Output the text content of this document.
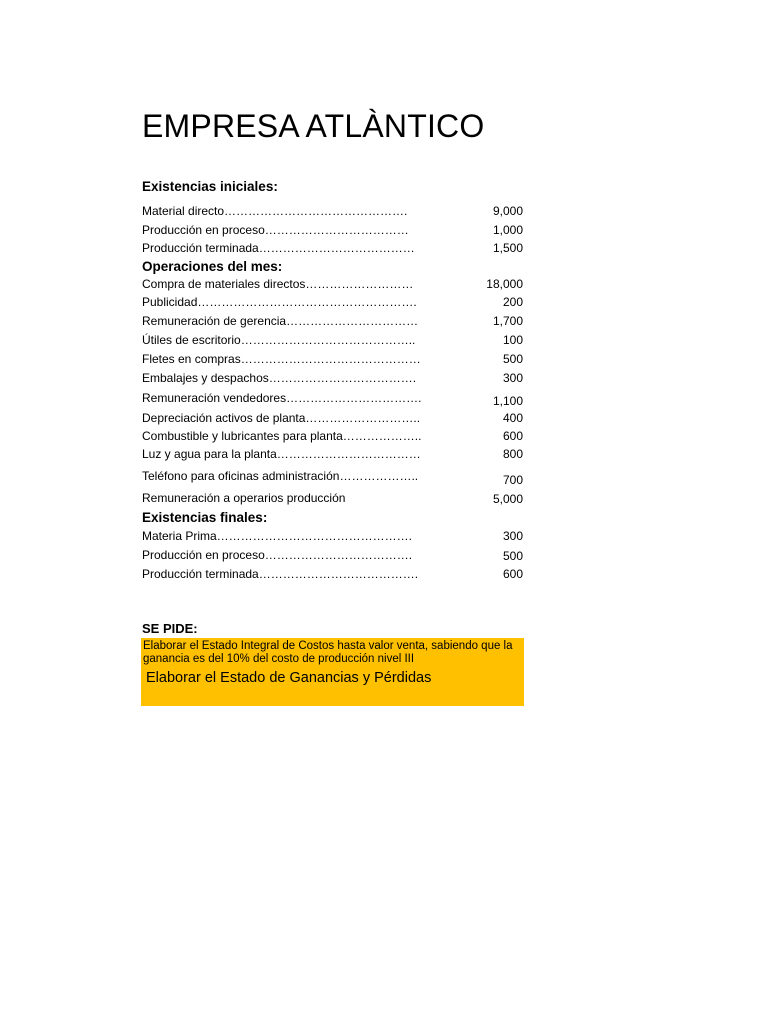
EMPRESA ATLÀNTICO
Existencias iniciales:
Material directo……………………………………….	9,000
Producción en proceso………………………………	1,000
Producción terminada…………………………………	1,500
Operaciones del mes:
Compra de materiales directos………………………	18,000
Publicidad……………………………………………….	200
Remuneración de gerencia……………………………	1,700
Útiles de escritorio……………………………………..	100
Fletes en compras………………………………………	500
Embalajes y despachos……………………………….	300
Remuneración vendedores…………………………….	1,100
Depreciación activos de planta………………………..	400
Combustible y lubricantes para planta………………..	600
Luz y agua para la planta………………………………	800
Teléfono para oficinas administración………………..	700
Remuneración a operarios producción	5,000
Existencias finales:
Materia Prima………………………………………….	300
Producción en proceso……………………………….	500
Producción terminada………………………………….	600
SE PIDE:
Elaborar el Estado Integral de Costos hasta valor venta, sabiendo que la ganancia es del 10% del costo de producción nivel III
Elaborar el Estado de Ganancias y Pérdidas
